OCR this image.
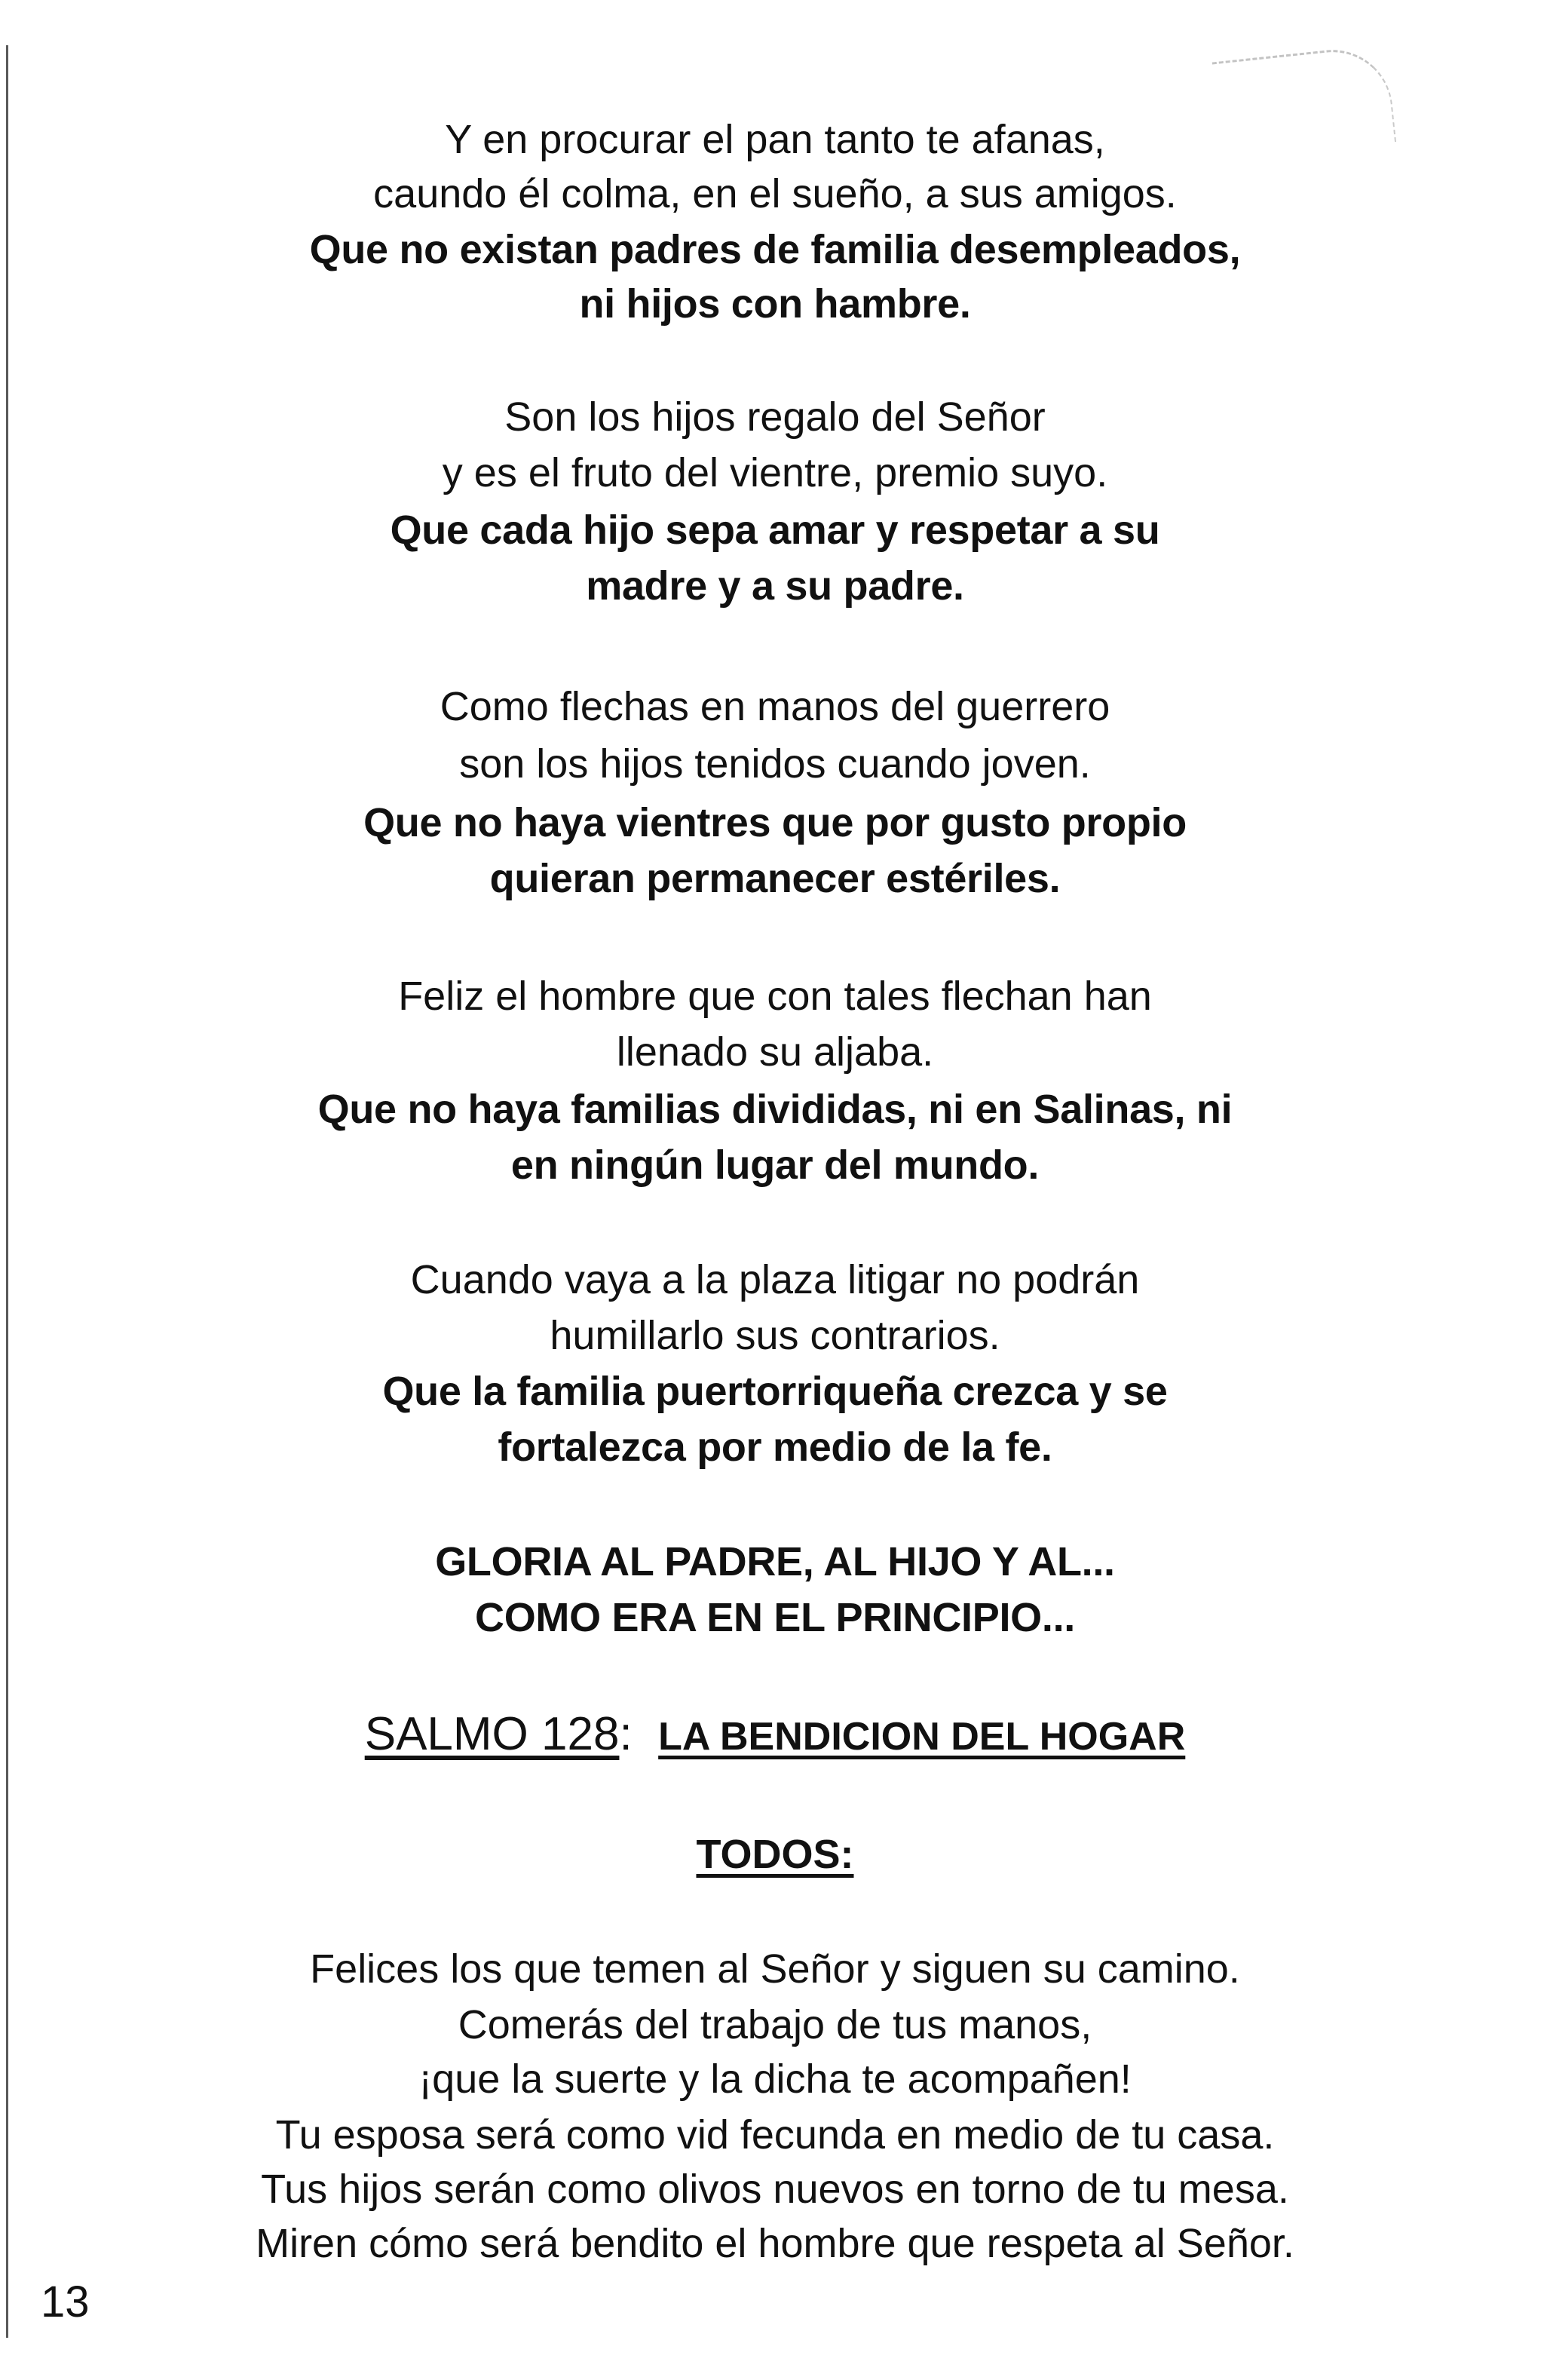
Y en procurar el pan tanto te afanas,
caundo él colma, en el sueño, a sus amigos.
Que no existan padres de familia desempleados,
ni hijos con hambre.
Son los hijos regalo del Señor
y es el fruto del vientre, premio suyo.
Que cada hijo sepa amar y respetar a su
madre y a su padre.
Como flechas en manos del guerrero
son los hijos tenidos cuando joven.
Que no haya vientres que por gusto propio
quieran permanecer estériles.
Feliz el hombre que con tales flechan han
llenado su aljaba.
Que no haya familias divididas, ni en Salinas, ni
en ningún lugar del mundo.
Cuando vaya a la plaza litigar no podrán
humillarlo sus contrarios.
Que la familia puertorriqueña crezca y se
fortalezca por medio de la fe.
GLORIA AL PADRE, AL HIJO Y AL...
COMO ERA EN EL PRINCIPIO...
SALMO 128: LA BENDICION DEL HOGAR
TODOS:
Felices los que temen al Señor y siguen su camino.
Comerás del trabajo de tus manos,
¡que la suerte y la dicha te acompañen!
Tu esposa será como vid fecunda en medio de tu casa.
Tus hijos serán como olivos nuevos en torno de tu mesa.
Miren cómo será bendito el hombre que respeta al Señor.
13
